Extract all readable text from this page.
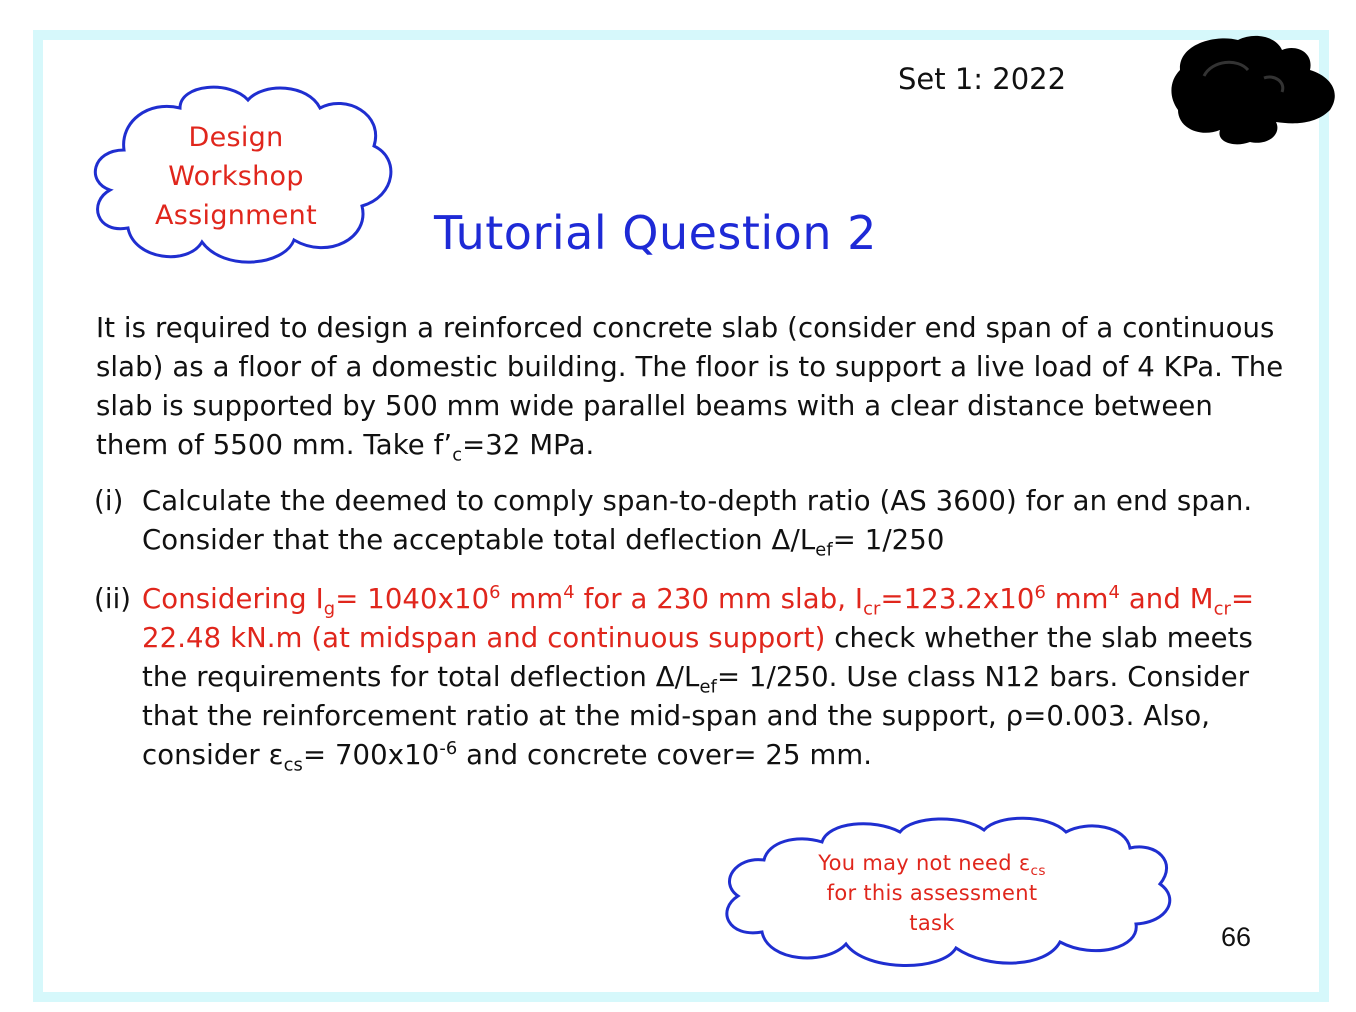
Design
Workshop
Assignment
Set 1: 2022
Tutorial Question 2
It is required to design a reinforced concrete slab (consider end span of a continuous slab) as a floor of a domestic building. The floor is to support a live load of 4 KPa. The slab is supported by 500 mm wide parallel beams with a clear distance between them of 5500 mm. Take $f’_c=32$ MPa.
(i) Calculate the deemed to comply span-to-depth ratio (AS 3600) for an end span. Consider that the acceptable total deflection $\Delta/L_{ef}= 1/250$
(ii) Considering $I_g= 1040x10^6$ $mm^4$ for a 230 mm slab, $I_{cr}=123.2x10^6$ $mm^4$ and $M_{cr}= 22.48$ kN.m (at midspan and continuous support) check whether the slab meets the requirements for total deflection $\Delta/L_{ef}= 1/250$. Use class N12 bars. Consider that the reinforcement ratio at the mid-span and the support, ρ=0.003. Also, consider $\varepsilon_{cs}= 700x10^{-6}$ and concrete cover= 25 mm.
You may not need $\varepsilon_{cs}$
for this assessment
task	66
